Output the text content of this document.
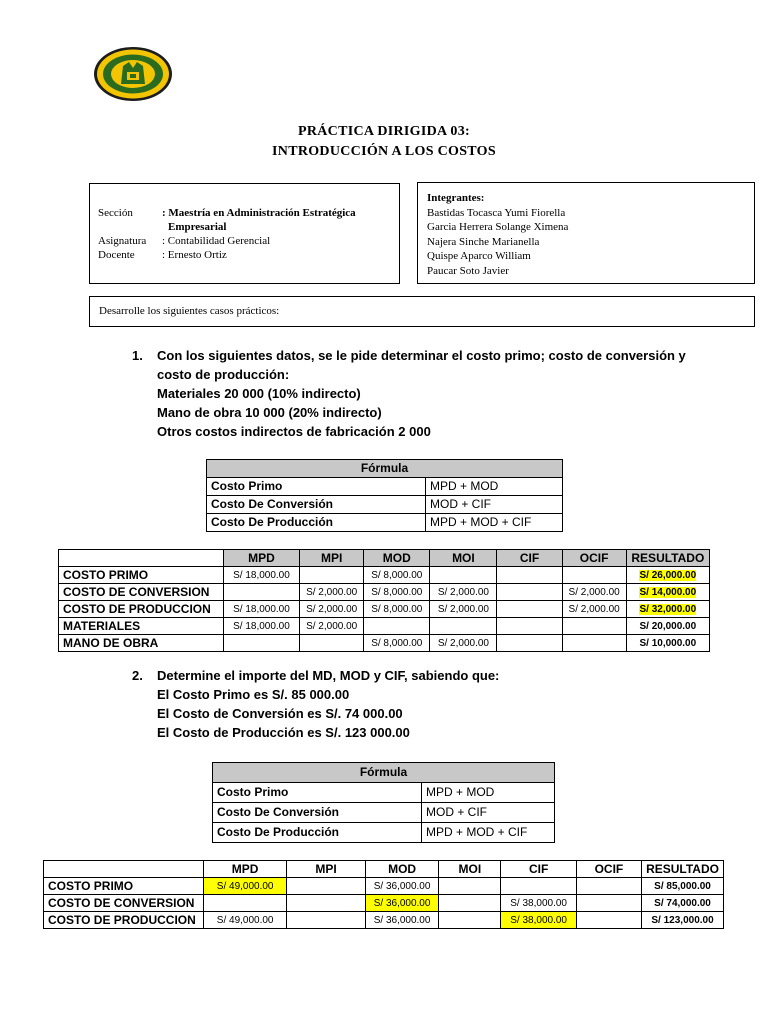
PRÁCTICA DIRIGIDA 03:
INTRODUCCIÓN A LOS COSTOS
Sección	: Maestría en Administración Estratégica
Empresarial
Asignatura	: Contabilidad Gerencial
Docente	: Ernesto Ortiz
Integrantes:
Bastidas Tocasca Yumi Fiorella
Garcia Herrera Solange Ximena
Najera Sinche Marianella
Quispe Aparco William
Paucar Soto Javier
Desarrolle los siguientes casos prácticos:
1. Con los siguientes datos, se le pide determinar el costo primo; costo de conversión y
costo de producción:
Materiales 20 000 (10% indirecto)
Mano de obra 10 000 (20% indirecto)
Otros costos indirectos de fabricación 2 000
Fórmula	
Costo Primo	MPD + MOD
Costo De Conversión	MOD + CIF
Costo De Producción	MPD + MOD + CIF
	MPD	MPI	MOD	MOI	CIF	OCIF	RESULTADO
COSTO PRIMO	S/ 18,000.00		S/ 8,000.00				S/ 26,000.00
COSTO DE CONVERSION		S/ 2,000.00	S/ 8,000.00	S/ 2,000.00		S/ 2,000.00	S/ 14,000.00
COSTO DE PRODUCCION	S/ 18,000.00	S/ 2,000.00	S/ 8,000.00	S/ 2,000.00		S/ 2,000.00	S/ 32,000.00
MATERIALES	S/ 18,000.00	S/ 2,000.00					S/ 20,000.00
MANO DE OBRA			S/ 8,000.00	S/ 2,000.00			S/ 10,000.00
2. Determine el importe del MD, MOD y CIF, sabiendo que:
El Costo Primo es S/. 85 000.00
El Costo de Conversión es S/. 74 000.00
El Costo de Producción es S/. 123 000.00
Fórmula	
Costo Primo	MPD + MOD
Costo De Conversión	MOD + CIF
Costo De Producción	MPD + MOD + CIF
	MPD	MPI	MOD	MOI	CIF	OCIF	RESULTADO
COSTO PRIMO	S/ 49,000.00		S/ 36,000.00				S/ 85,000.00
COSTO DE CONVERSION			S/ 36,000.00		S/ 38,000.00		S/ 74,000.00
COSTO DE PRODUCCION	S/ 49,000.00		S/ 36,000.00		S/ 38,000.00		S/ 123,000.00
